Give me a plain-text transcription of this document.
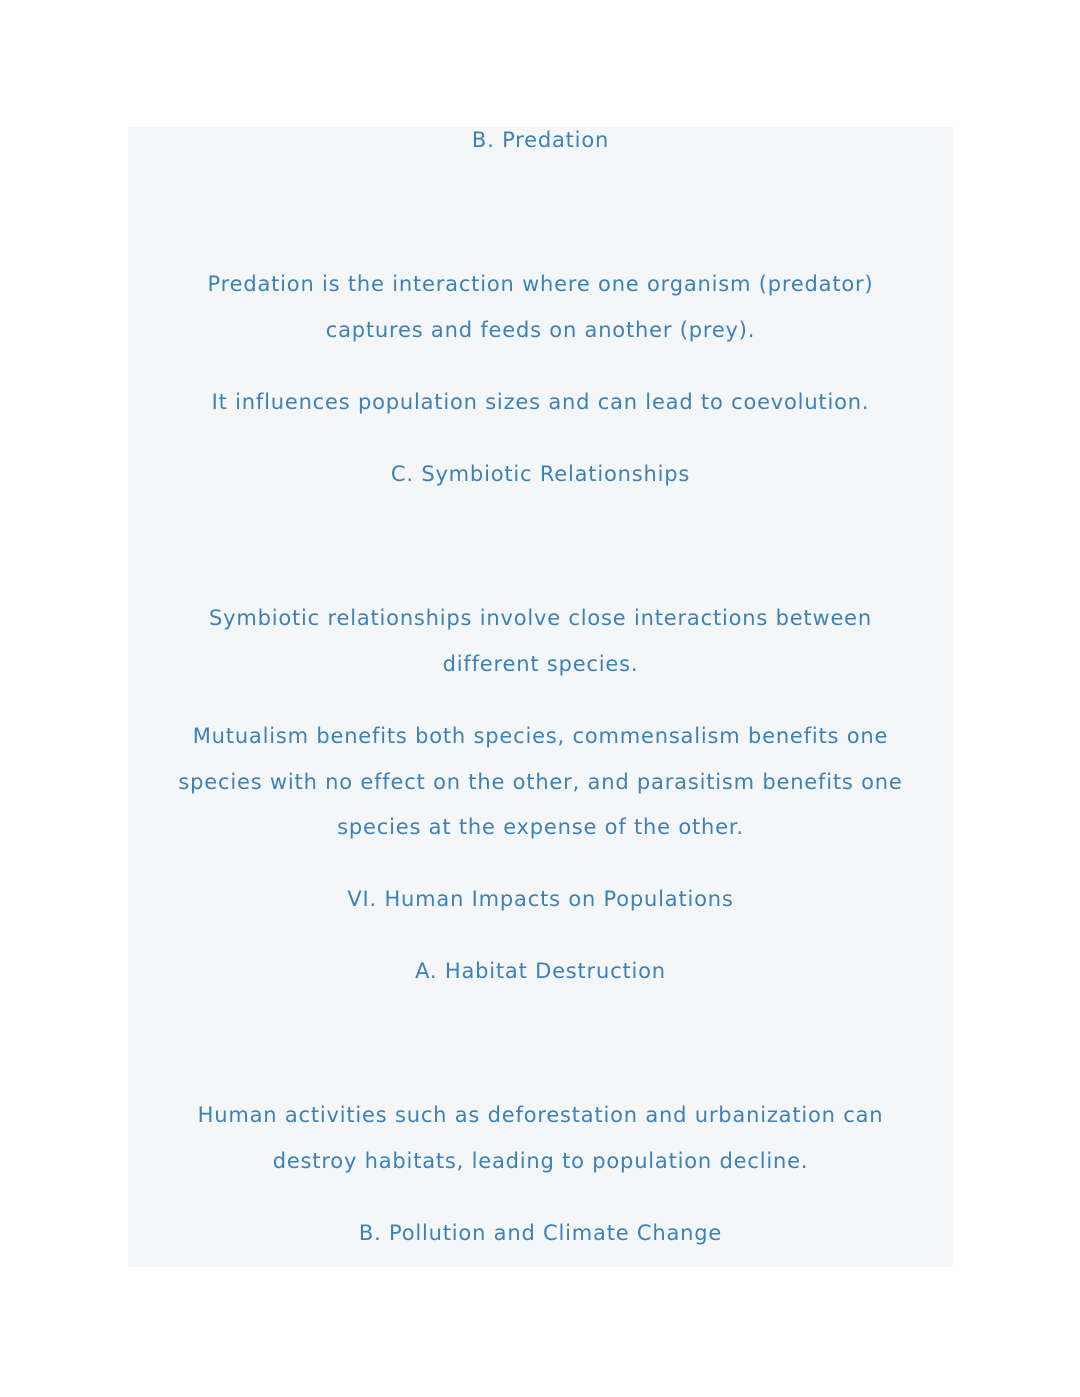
B. Predation
Predation is the interaction where one organism (predator)
captures and feeds on another (prey).
It influences population sizes and can lead to coevolution.
C. Symbiotic Relationships
Symbiotic relationships involve close interactions between
different species.
Mutualism benefits both species, commensalism benefits one
species with no effect on the other, and parasitism benefits one
species at the expense of the other.
VI. Human Impacts on Populations
A. Habitat Destruction
Human activities such as deforestation and urbanization can
destroy habitats, leading to population decline.
B. Pollution and Climate Change
